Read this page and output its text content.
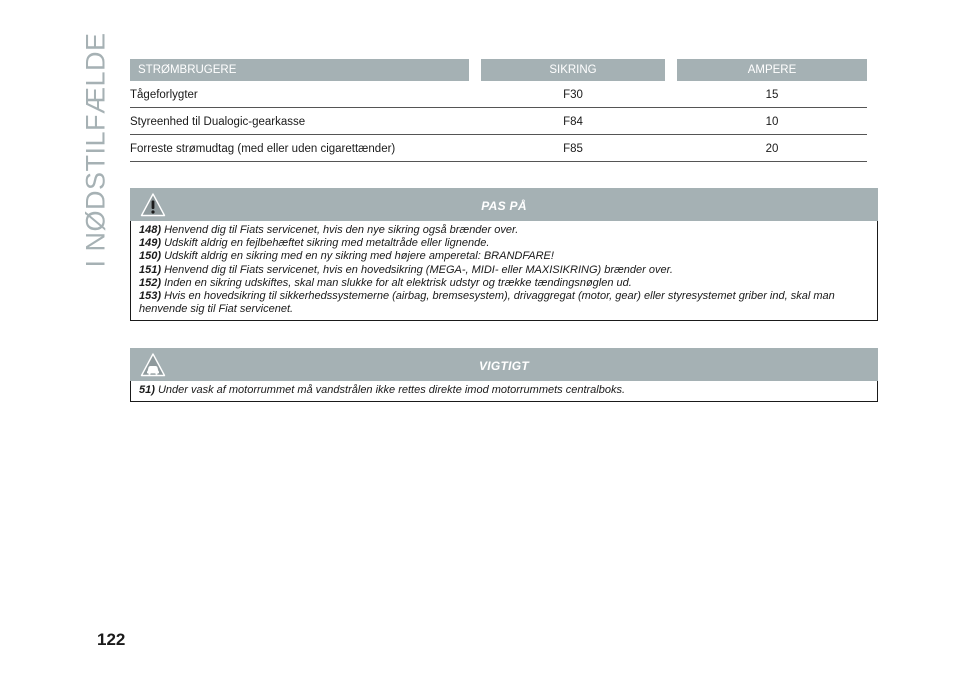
I NØDSTILFÆLDE	STRØMBRUGERE	SIKRING	AMPERE
Tågeforlygter	F30	15
Styreenhed til Dualogic-gearkasse	F84	10
Forreste strømudtag (med eller uden cigarettænder)	F85	20
PAS PÅ

148) Henvend dig til Fiats servicenet, hvis den nye sikring også brænder over.

149) Udskift aldrig en fejlbehæftet sikring med metaltråde eller lignende.

150) Udskift aldrig en sikring med en ny sikring med højere amperetal: BRANDFARE!

151) Henvend dig til Fiats servicenet, hvis en hovedsikring (MEGA-, MIDI- eller MAXISIKRING) brænder over.

152) Inden en sikring udskiftes, skal man slukke for alt elektrisk udstyr og trække tændingsnøglen ud.

153) Hvis en hovedsikring til sikkerhedssystemerne (airbag, bremsesystem), drivaggregat (motor, gear) eller styresystemet griber ind, skal man henvende sig til Fiat servicenet.

VIGTIGT

51) Under vask af motorrummet må vandstrålen ikke rettes direkte imod motorrummets centralboks.

122
